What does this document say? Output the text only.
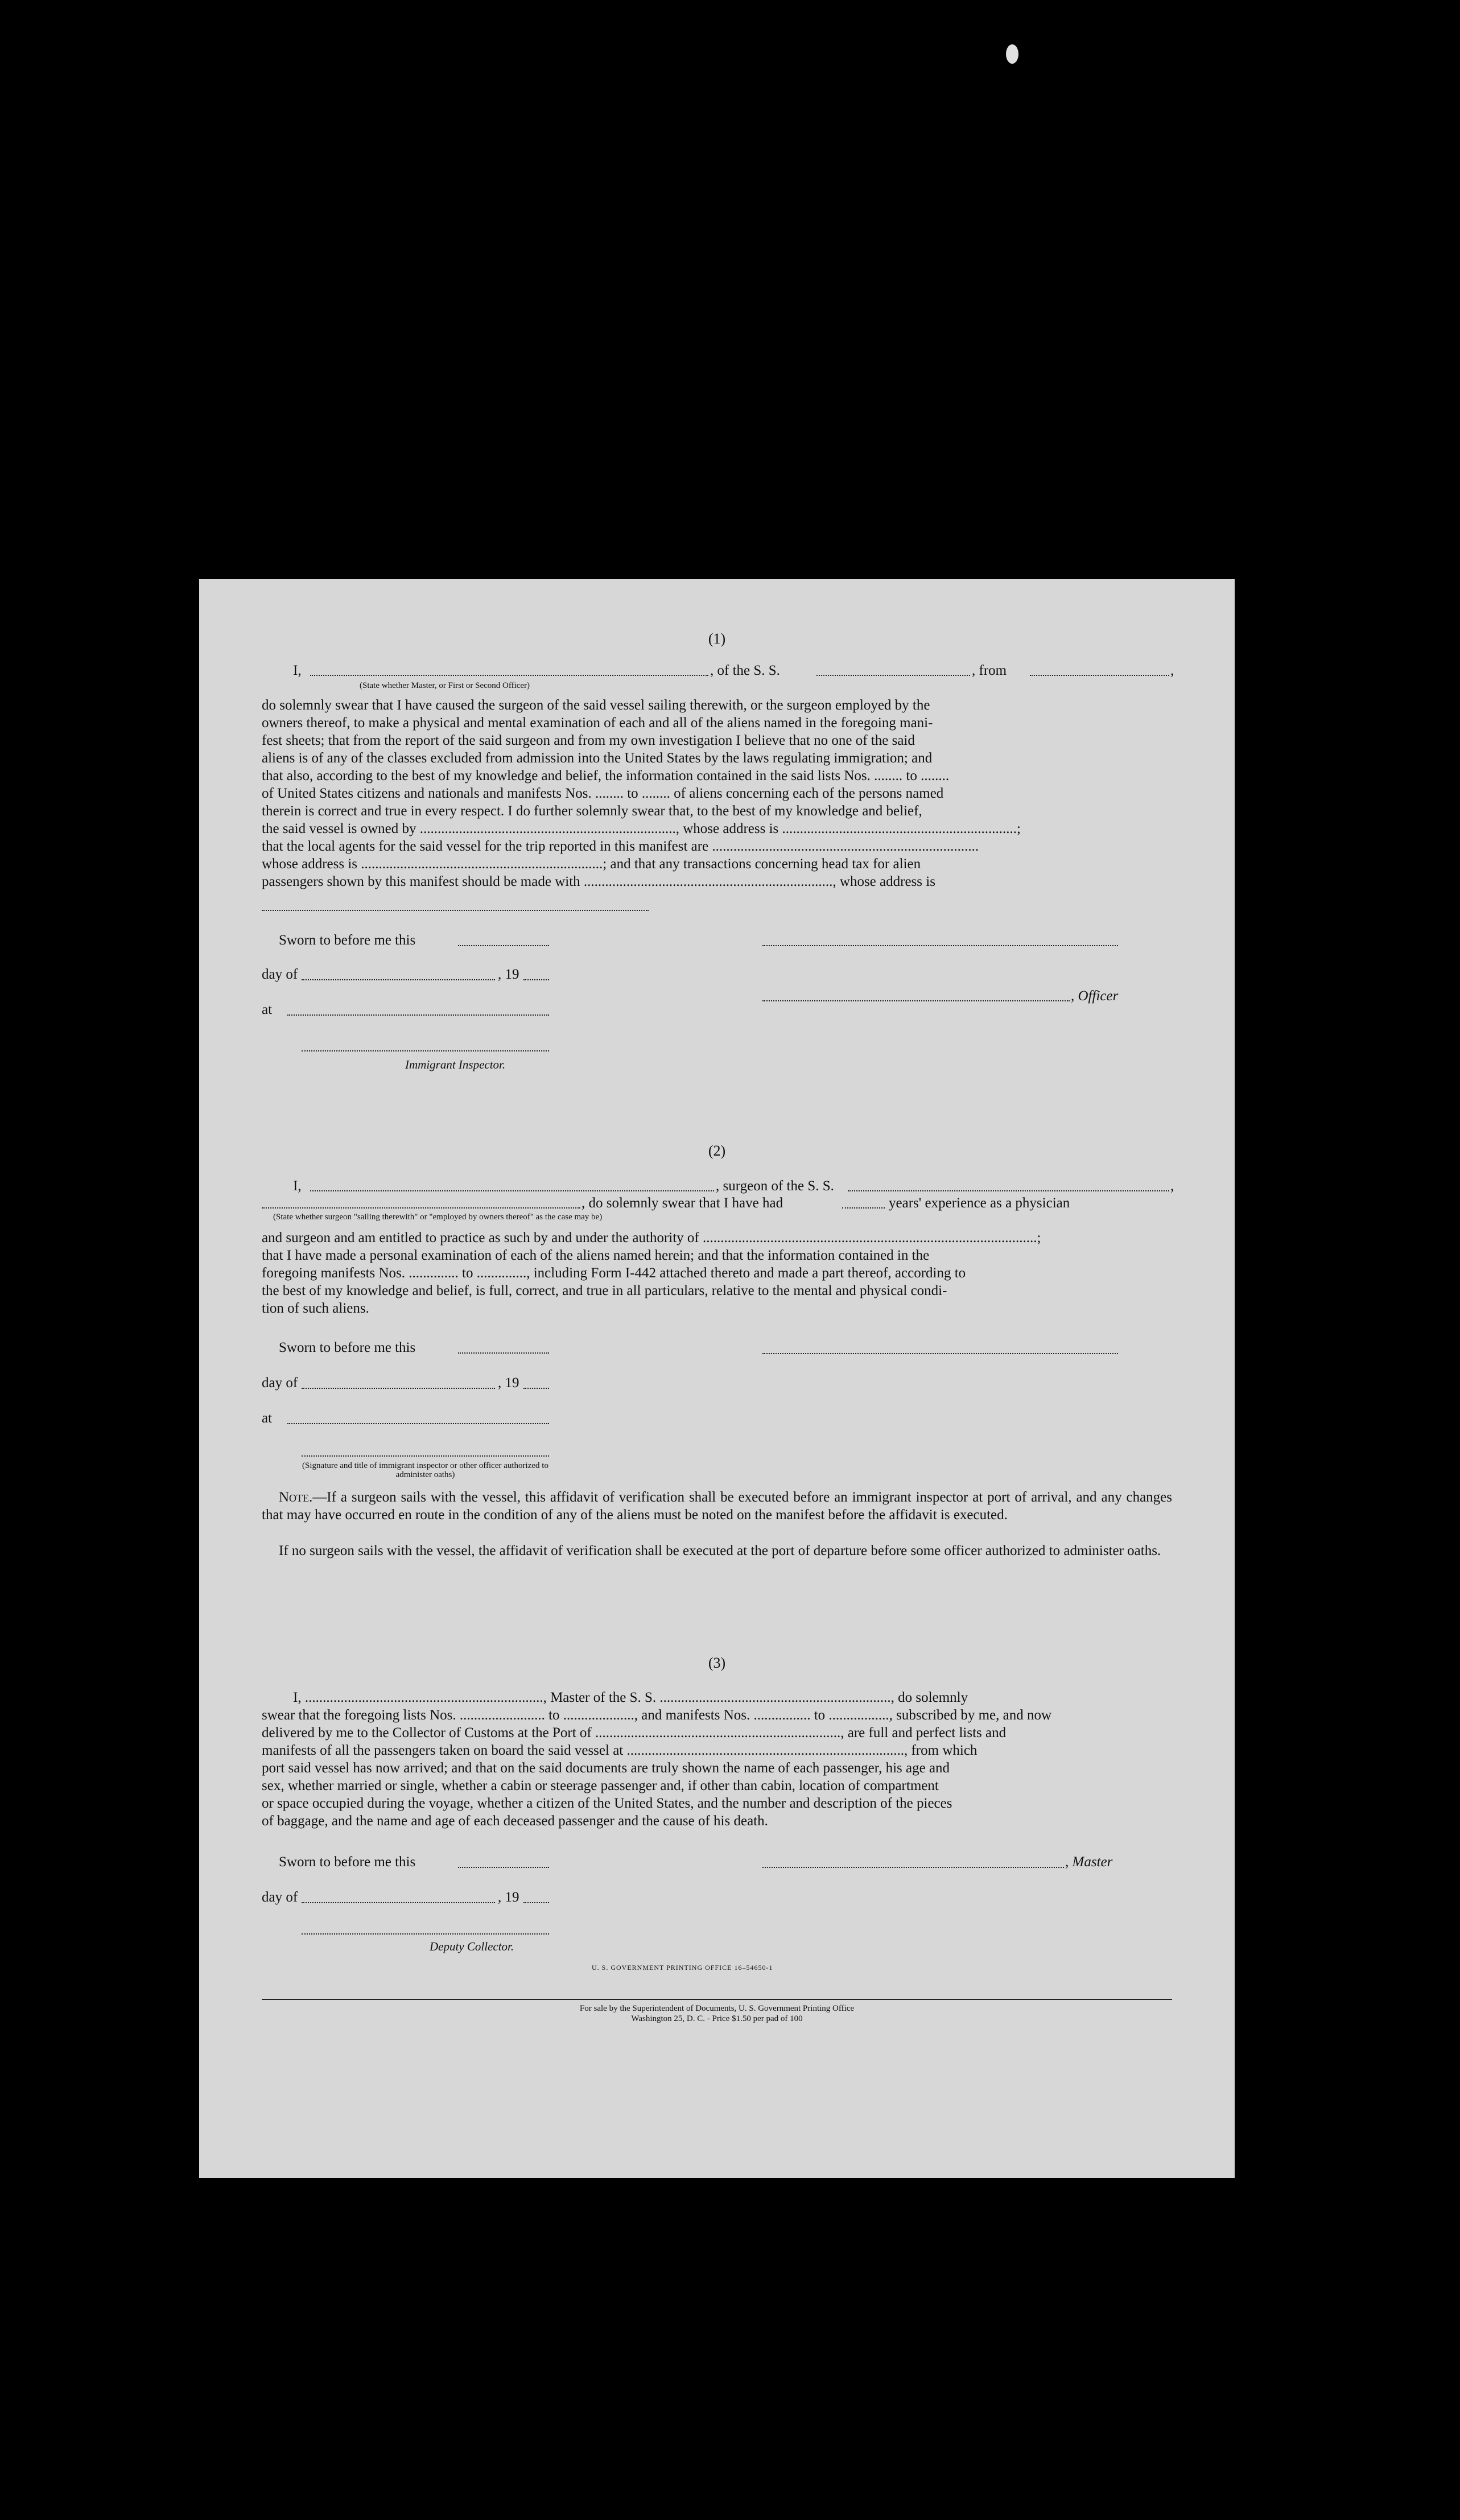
(1)
I,	, of the S. S.	, from	,
(State whether Master, or First or Second Officer)
do solemnly swear that I have caused the surgeon of the said vessel sailing therewith, or the surgeon employed by the
owners thereof, to make a physical and mental examination of each and all of the aliens named in the foregoing mani-
fest sheets; that from the report of the said surgeon and from my own investigation I believe that no one of the said
aliens is of any of the classes excluded from admission into the United States by the laws regulating immigration; and
that also, according to the best of my knowledge and belief, the information contained in the said lists Nos. ........ to ........
of United States citizens and nationals and manifests Nos. ........ to ........ of aliens concerning each of the persons named
therein is correct and true in every respect. I do further solemnly swear that, to the best of my knowledge and belief,
the said vessel is owned by ........................................................................, whose address is ..................................................................;
that the local agents for the said vessel for the trip reported in this manifest are ...........................................................................
whose address is ....................................................................; and that any transactions concerning head tax for alien
passengers shown by this manifest should be made with ......................................................................, whose address is
Sworn to before me this
day of	, 19
, Officer
at
Immigrant Inspector.
(2)
I,	, surgeon of the S. S.	,
, do solemnly swear that I have had	years' experience as a physician
(State whether surgeon "sailing therewith" or "employed by owners thereof" as the case may be)
and surgeon and am entitled to practice as such by and under the authority of ..............................................................................................;
that I have made a personal examination of each of the aliens named herein; and that the information contained in the
foregoing manifests Nos. .............. to .............., including Form I-442 attached thereto and made a part thereof, according to
the best of my knowledge and belief, is full, correct, and true in all particulars, relative to the mental and physical condi-
tion of such aliens.
Sworn to before me this
day of	, 19
at
(Signature and title of immigrant inspector or other officer authorized to administer oaths)
Note.—If a surgeon sails with the vessel, this affidavit of verification shall be executed before an immigrant inspector at port of arrival, and any changes that may have occurred en route in the condition of any of the aliens must be noted on the manifest before the affidavit is executed.
If no surgeon sails with the vessel, the affidavit of verification shall be executed at the port of departure before some officer authorized to administer oaths.
(3)
I, ..................................................................., Master of the S. S. ................................................................., do solemnly
swear that the foregoing lists Nos. ........................ to ...................., and manifests Nos. ................ to ................., subscribed by me, and now
delivered by me to the Collector of Customs at the Port of ....................................................................., are full and perfect lists and
manifests of all the passengers taken on board the said vessel at .............................................................................., from which
port said vessel has now arrived; and that on the said documents are truly shown the name of each passenger, his age and
sex, whether married or single, whether a cabin or steerage passenger and, if other than cabin, location of compartment
or space occupied during the voyage, whether a citizen of the United States, and the number and description of the pieces
of baggage, and the name and age of each deceased passenger and the cause of his death.
Sworn to before me this	, Master
day of	, 19
Deputy Collector.
U. S. GOVERNMENT PRINTING OFFICE 16–54650-1
For sale by the Superintendent of Documents, U. S. Government Printing Office
Washington 25, D. C. - Price $1.50 per pad of 100
